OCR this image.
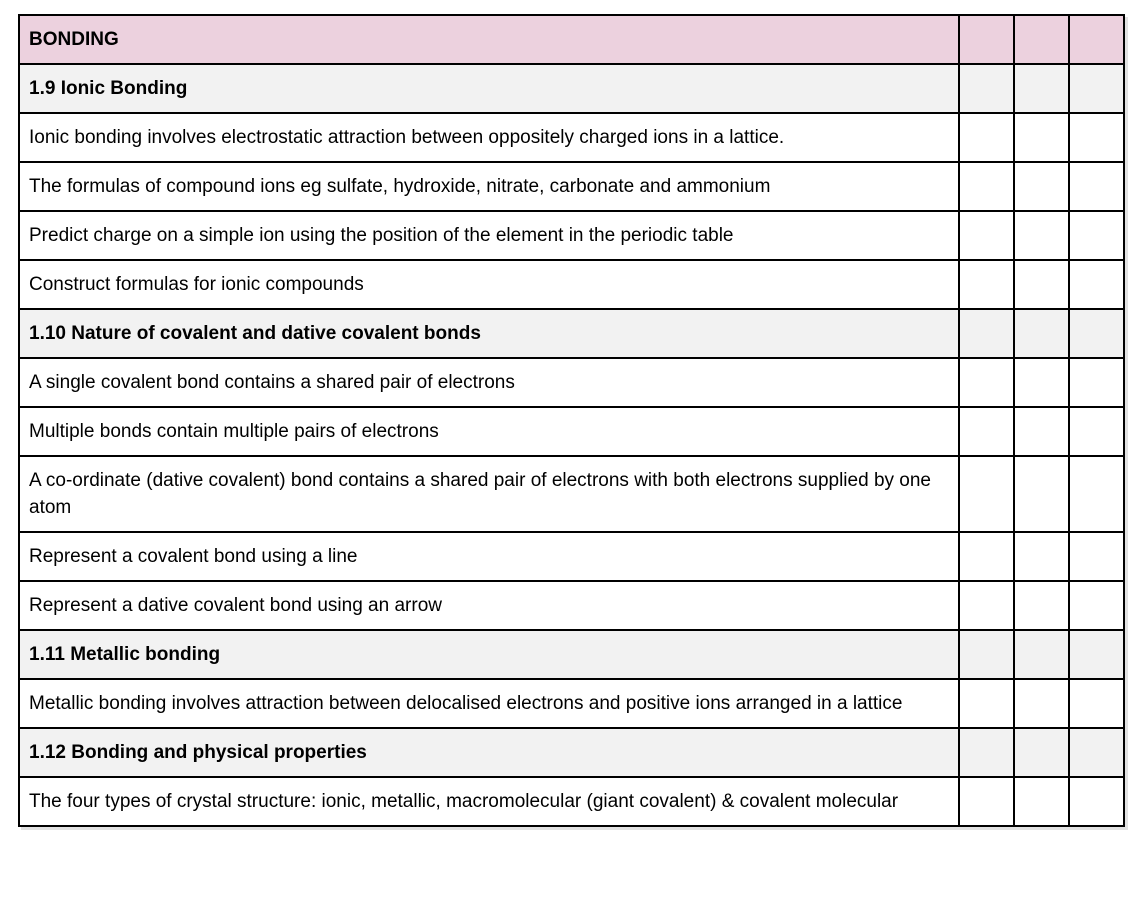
BONDING			
1.9 Ionic Bonding			
Ionic bonding involves electrostatic attraction between oppositely charged ions in a lattice.			
The formulas of compound ions eg sulfate, hydroxide, nitrate, carbonate and ammonium			
Predict charge on a simple ion using the position of the element in the periodic table			
Construct formulas for ionic compounds			
1.10 Nature of covalent and dative covalent bonds			
A single covalent bond contains a shared pair of electrons			
Multiple bonds contain multiple pairs of electrons			
A co-ordinate (dative covalent) bond contains a shared pair of electrons with both electrons supplied by one atom			
Represent a covalent bond using a line			
Represent a dative covalent bond using an arrow			
1.11 Metallic bonding			
Metallic bonding involves attraction between delocalised electrons and positive ions arranged in a lattice			
1.12 Bonding and physical properties			
The four types of crystal structure: ionic, metallic, macromolecular (giant covalent) & covalent molecular			
